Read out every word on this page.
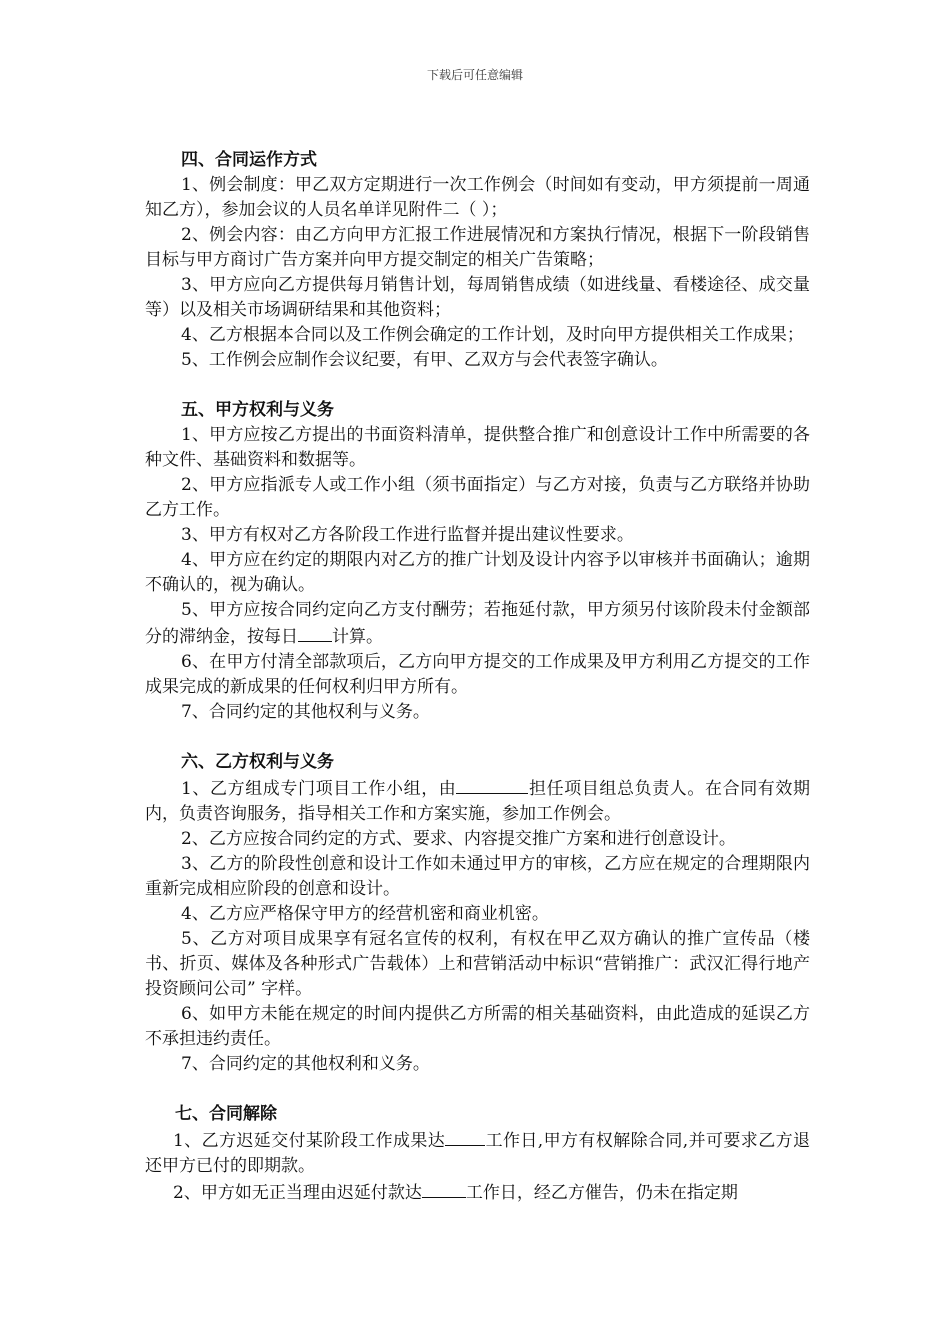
下载后可任意编辑
四、合同运作方式

1、例会制度：甲乙双方定期进行一次工作例会（时间如有变动，甲方须提前一周通知乙方），参加会议的人员名单详见附件二（ ）；

2、例会内容：由乙方向甲方汇报工作进展情况和方案执行情况，根据下一阶段销售目标与甲方商讨广告方案并向甲方提交制定的相关广告策略；

3、甲方应向乙方提供每月销售计划，每周销售成绩（如进线量、看楼途径、成交量等）以及相关市场调研结果和其他资料；

4、乙方根据本合同以及工作例会确定的工作计划，及时向甲方提供相关工作成果；

5、工作例会应制作会议纪要，有甲、乙双方与会代表签字确认。

五、甲方权利与义务

1、甲方应按乙方提出的书面资料清单，提供整合推广和创意设计工作中所需要的各种文件、基础资料和数据等。

2、甲方应指派专人或工作小组（须书面指定）与乙方对接，负责与乙方联络并协助乙方工作。

3、甲方有权对乙方各阶段工作进行监督并提出建议性要求。

4、甲方应在约定的期限内对乙方的推广计划及设计内容予以审核并书面确认；逾期不确认的，视为确认。

5、甲方应按合同约定向乙方支付酬劳；若拖延付款，甲方须另付该阶段未付金额部分的滞纳金，按每日 计算。

6、在甲方付清全部款项后，乙方向甲方提交的工作成果及甲方利用乙方提交的工作成果完成的新成果的任何权利归甲方所有。

7、合同约定的其他权利与义务。

六、乙方权利与义务

1、乙方组成专门项目工作小组，由	担任项目组总负责人。在合同有效期内，负责咨询服务，指导相关工作和方案实施，参加工作例会。

2、乙方应按合同约定的方式、要求、内容提交推广方案和进行创意设计。

3、乙方的阶段性创意和设计工作如未通过甲方的审核，乙方应在规定的合理期限内重新完成相应阶段的创意和设计。

4、乙方应严格保守甲方的经营机密和商业机密。

5、乙方对项目成果享有冠名宣传的权利，有权在甲乙双方确认的推广宣传品（楼书、折页、媒体及各种形式广告载体）上和营销活动中标识“营销推广：武汉汇得行地产投资顾问公司” 字样。

6、如甲方未能在规定的时间内提供乙方所需的相关基础资料，由此造成的延误乙方不承担违约责任。

7、合同约定的其他权利和义务。

七、合同解除

1、乙方迟延交付某阶段工作成果达 工作日,甲方有权解除合同,并可要求乙方退还甲方已付的即期款。

2、甲方如无正当理由迟延付款达	工作日，经乙方催告，仍未在指定期
